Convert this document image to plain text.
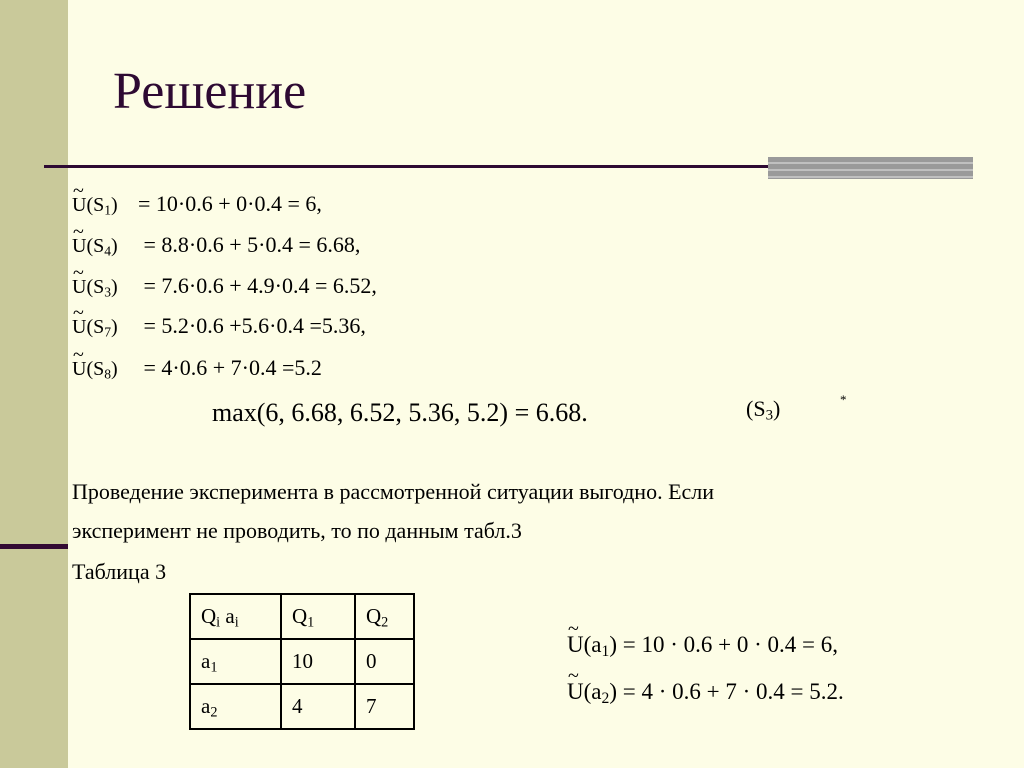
Решение
~ $U(S_1) = 10\cdot 0.6 + 0\cdot 0.4 = 6$,
~ $U(S_4) = 8.8\cdot 0.6 + 5\cdot 0.4 = 6.68$,
~ $U(S_3) = 7.6\cdot 0.6 + 4.9\cdot 0.4 = 6.52$,
~ $U(S_7) = 5.2\cdot 0.6 +5.6\cdot 0.4 =5.36$,
~ $U(S_8) = 4\cdot 0.6 + 7\cdot 0.4 =5.2$
max(6, 6.68, 6.52, 5.36, 5.2) = 6.68.	$(S_3)$	*
Проведение эксперимента в рассмотренной ситуации выгодно. Если
эксперимент не проводить, то по данным табл.3
Таблица 3
$Q_i$ $a_i$	$Q_1$	$Q_2$
$a_1$	10	0
$a_2$	4	7
~ $U(a_1) = 10 \cdot 0.6 + 0 \cdot 0.4 = 6$,
~ $U(a_2) = 4 \cdot 0.6 + 7 \cdot 0.4 = 5.2$.
